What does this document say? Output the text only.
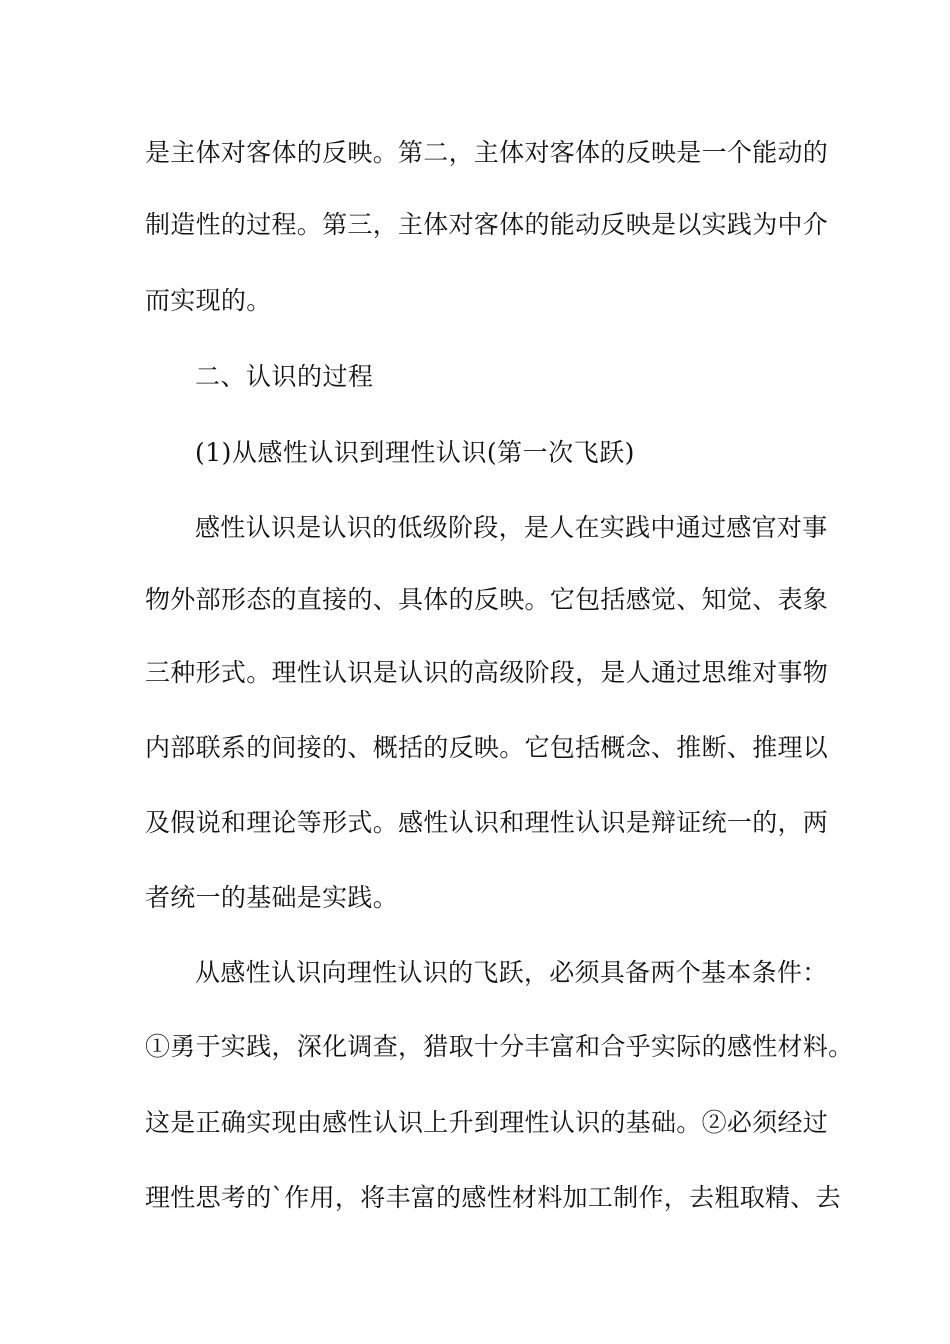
是主体对客体的反映。第二，主体对客体的反映是一个能动的
制造性的过程。第三，主体对客体的能动反映是以实践为中介
而实现的。
二、认识的过程
(1)从感性认识到理性认识(第一次飞跃)
感性认识是认识的低级阶段，是人在实践中通过感官对事
物外部形态的直接的、具体的反映。它包括感觉、知觉、表象
三种形式。理性认识是认识的高级阶段，是人通过思维对事物
内部联系的间接的、概括的反映。它包括概念、推断、推理以
及假说和理论等形式。感性认识和理性认识是辩证统一的，两
者统一的基础是实践。
从感性认识向理性认识的飞跃，必须具备两个基本条件：
①勇于实践，深化调查，猎取十分丰富和合乎实际的感性材料。
这是正确实现由感性认识上升到理性认识的基础。②必须经过
理性思考的`作用，将丰富的感性材料加工制作，去粗取精、去
